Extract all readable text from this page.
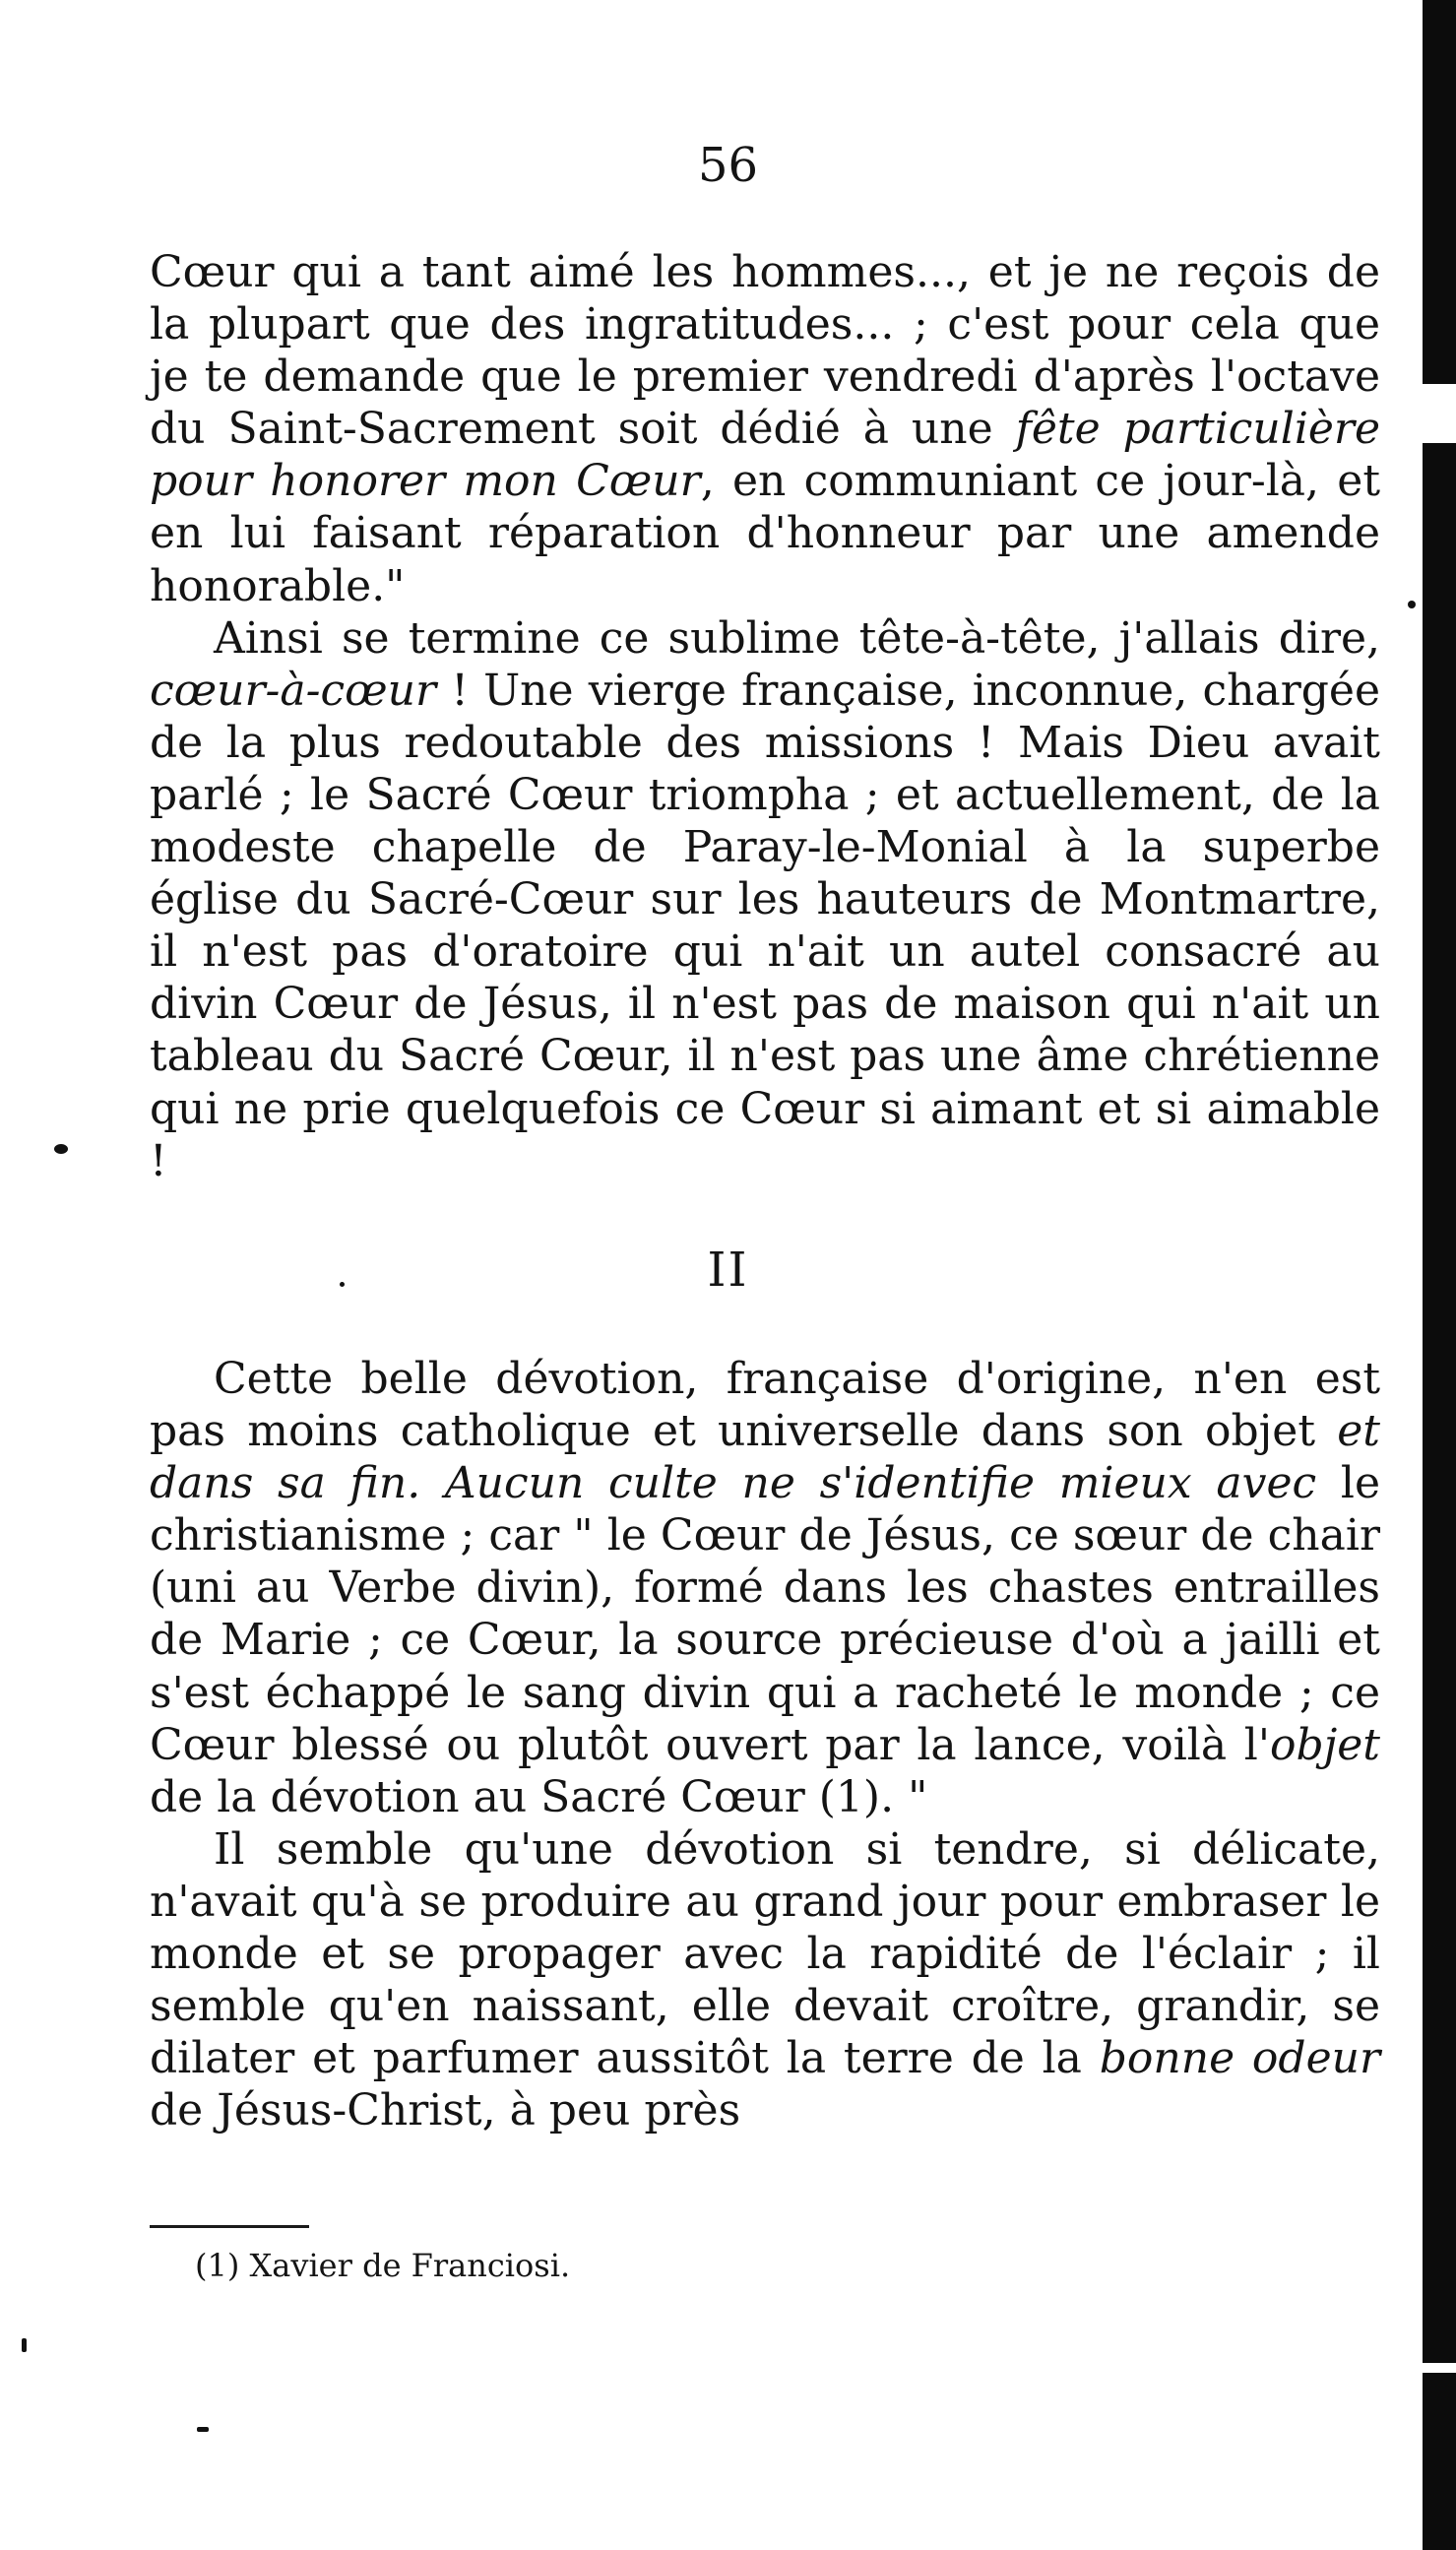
56

Cœur qui a tant aimé les hommes..., et je ne reçois de la plupart que des ingratitudes... ; c'est pour cela que je te demande que le premier vendredi d'après l'octave du Saint-Sacrement soit dédié à une fête particulière pour honorer mon Cœur, en communiant ce jour-là, et en lui faisant réparation d'honneur par une amende honorable."

Ainsi se termine ce sublime tête-à-tête, j'allais dire, cœur-à-cœur ! Une vierge française, inconnue, chargée de la plus redoutable des missions ! Mais Dieu avait parlé ; le Sacré Cœur triompha ; et actuellement, de la modeste chapelle de Paray-le-Monial à la superbe église du Sacré-Cœur sur les hauteurs de Montmartre, il n'est pas d'oratoire qui n'ait un autel consacré au divin Cœur de Jésus, il n'est pas de maison qui n'ait un tableau du Sacré Cœur, il n'est pas une âme chrétienne qui ne prie quelquefois ce Cœur si aimant et si aimable !

II

Cette belle dévotion, française d'origine, n'en est pas moins catholique et universelle dans son objet et dans sa fin. Aucun culte ne s'identifie mieux avec le christianisme ; car " le Cœur de Jésus, ce sœur de chair (uni au Verbe divin), formé dans les chastes entrailles de Marie ; ce Cœur, la source précieuse d'où a jailli et s'est échappé le sang divin qui a racheté le monde ; ce Cœur blessé ou plutôt ouvert par la lance, voilà l'objet de la dévotion au Sacré Cœur (1). "

Il semble qu'une dévotion si tendre, si délicate, n'avait qu'à se produire au grand jour pour embraser le monde et se propager avec la rapidité de l'éclair ; il semble qu'en naissant, elle devait croître, grandir, se dilater et parfumer aussitôt la terre de la bonne odeur de Jésus-Christ, à peu près

(1) Xavier de Franciosi.
